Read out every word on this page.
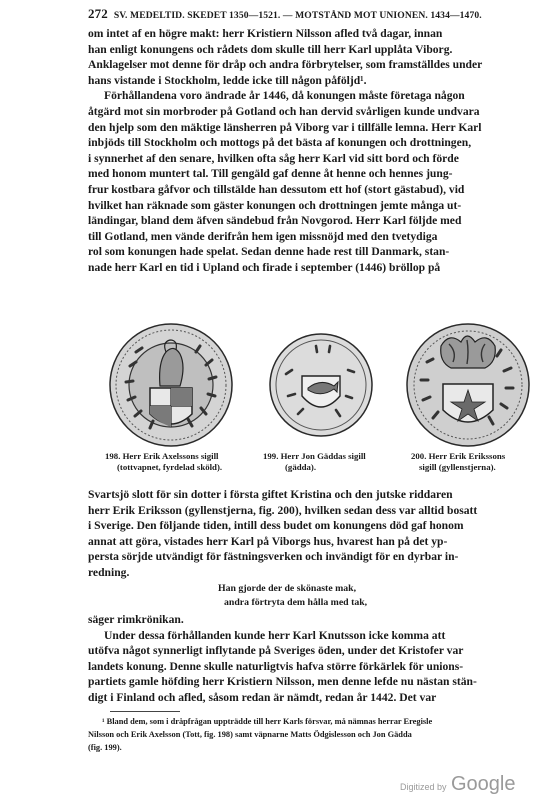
272 SV. MEDELTID. SKEDET 1350—1521. — MOTSTÅND MOT UNIONEN. 1434—1470.
om intet af en högre makt: herr Kristiern Nilsson afled två dagar, innan
han enligt konungens och rådets dom skulle till herr Karl upplåta Viborg.
Anklagelser mot denne för dråp och andra förbrytelser, som framställdes under
hans vistande i Stockholm, ledde icke till någon påföljd¹.
Förhållandena voro ändrade år 1446, då konungen måste företaga någon
åtgärd mot sin morbroder på Gotland och han dervid svårligen kunde undvara
den hjelp som den mäktige länsherren på Viborg var i tillfälle lemna. Herr Karl
inbjöds till Stockholm och mottogs på det bästa af konungen och drottningen,
i synnerhet af den senare, hvilken ofta såg herr Karl vid sitt bord och förde
med honom muntert tal. Till gengäld gaf denne åt henne och hennes jung-
frur kostbara gåfvor och tillstälde han dessutom ett hof (stort gästabud), vid
hvilket han räknade som gäster konungen och drottningen jemte många ut-
ländingar, bland dem äfven sändebud från Novgorod. Herr Karl följde med
till Gotland, men vände derifrån hem igen missnöjd med den tvetydiga
rol som konungen hade spelat. Sedan denne hade rest till Danmark, stan-
nade herr Karl en tid i Upland och firade i september (1446) bröllop på
198. Herr Erik Axelssons sigill
(tottvapnet, fyrdelad sköld).
199. Herr Jon Gäddas sigill
(gädda).
200. Herr Erik Erikssons
sigill (gyllenstjerna).
Svartsjö slott för sin dotter i första giftet Kristina och den jutske riddaren
herr Erik Eriksson (gyllenstjerna, fig. 200), hvilken sedan dess var alltid bosatt
i Sverige. Den följande tiden, intill dess budet om konungens död gaf honom
annat att göra, vistades herr Karl på Viborgs hus, hvarest han på det yp-
persta sörjde utvändigt för fästningsverken och invändigt för en dyrbar in-
redning.
Han gjorde der de skönaste mak,
andra förtryta dem hålla med tak,
säger rimkrönikan.
Under dessa förhållanden kunde herr Karl Knutsson icke komma att
utöfva något synnerligt inflytande på Sveriges öden, under det Kristofer var
landets konung. Denne skulle naturligtvis hafva större förkärlek för unions-
partiets gamle höfding herr Kristiern Nilsson, men denne lefde nu nästan stän-
digt i Finland och afled, såsom redan är nämdt, redan år 1442. Det var
¹ Bland dem, som i dråpfrågan uppträdde till herr Karls försvar, må nämnas herrar Eregisle
Nilsson och Erik Axelsson (Tott, fig. 198) samt väpnarne Matts Ödgislesson och Jon Gädda
(fig. 199).
Digitized by Google
